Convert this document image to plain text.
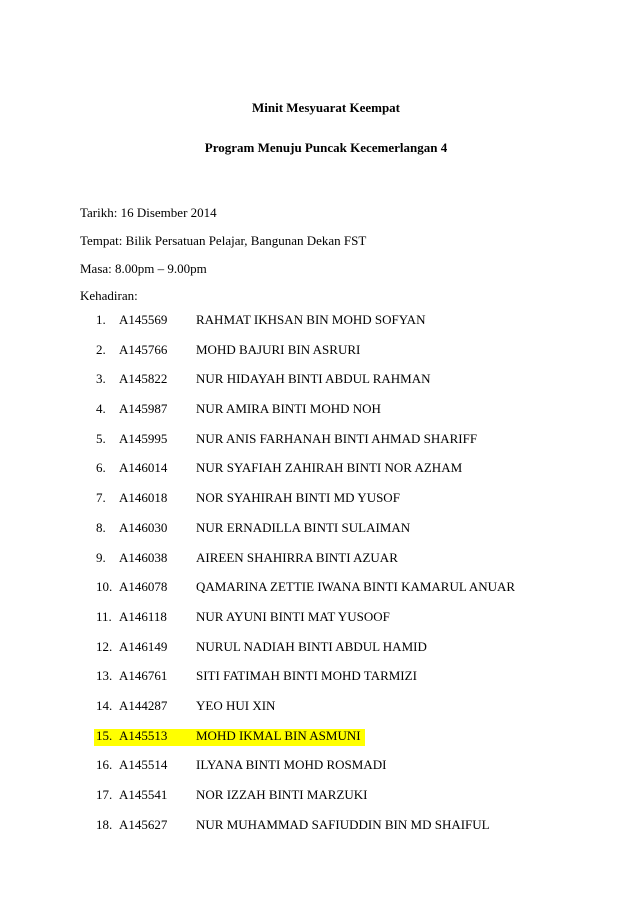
Minit Mesyuarat Keempat
Program Menuju Puncak Kecemerlangan 4
Tarikh: 16 Disember 2014
Tempat: Bilik Persatuan Pelajar, Bangunan Dekan FST
Masa: 8.00pm – 9.00pm
Kehadiran:
1. A145569 RAHMAT IKHSAN BIN MOHD SOFYAN
2. A145766 MOHD BAJURI BIN ASRURI
3. A145822 NUR HIDAYAH BINTI ABDUL RAHMAN
4. A145987 NUR AMIRA BINTI MOHD NOH
5. A145995 NUR ANIS FARHANAH BINTI AHMAD SHARIFF
6. A146014 NUR SYAFIAH ZAHIRAH BINTI NOR AZHAM
7. A146018 NOR SYAHIRAH BINTI MD YUSOF
8. A146030 NUR ERNADILLA BINTI SULAIMAN
9. A146038 AIREEN SHAHIRRA BINTI AZUAR
10. A146078 QAMARINA ZETTIE IWANA BINTI KAMARUL ANUAR
11. A146118 NUR AYUNI BINTI MAT YUSOOF
12. A146149 NURUL NADIAH BINTI ABDUL HAMID
13. A146761 SITI FATIMAH BINTI MOHD TARMIZI
14. A144287 YEO HUI XIN
15. A145513 MOHD IKMAL BIN ASMUNI
16. A145514 ILYANA BINTI MOHD ROSMADI
17. A145541 NOR IZZAH BINTI MARZUKI
18. A145627 NUR MUHAMMAD SAFIUDDIN BIN MD SHAIFUL
